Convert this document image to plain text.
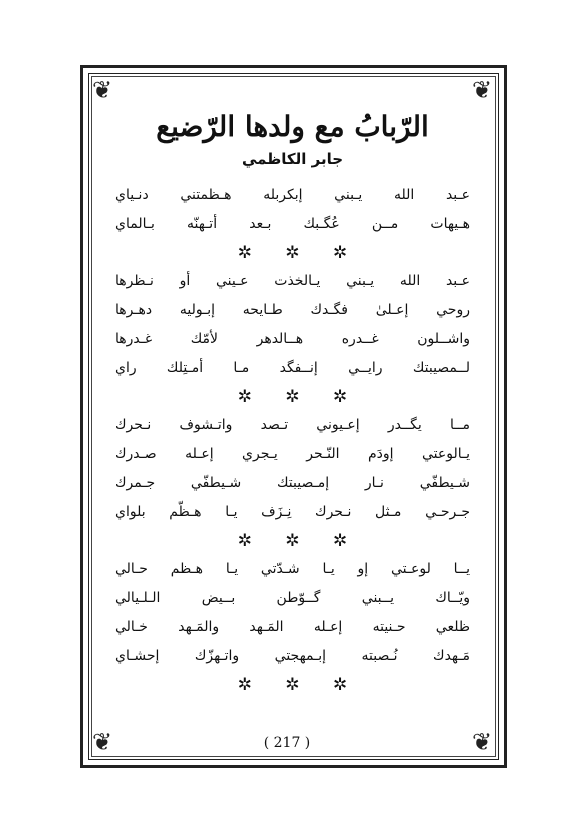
❦	❦
❦	❦
الرّبابُ مع ولدها الرّضيع
جابر الكاظمي
عـبد الله يـبني إبكربله هـظمتني دنـياي
هـيهات مــن عُگـبك بـعد أتـهنّه بـالماي
✲ ✲ ✲
عـبد الله يـبني يـالخذت عـيني أو نـظرها
روحي إعـلىٰ فگـدك طـايحه إبـوليه دهـرها
واشــلون غــدره هــالدهر لأمّك غـدرها
لــمصيبتك رايــي إنــفگد مـا أمـتِلك راي
✲ ✲ ✲
مــا يگــدر إعـيوني تـصد واتـشوف نـحرك
يـالوعتي إودَم النّـحر يـجري إعـله صـدرك
شـيطفّي نـار إمـصيبتك شـيطفّي جـمرك
جـرحـي مـثل نـحرك نِـزَف يـا هـظّم بلواي
✲ ✲ ✲
يــا لوعـتي إو يـا شـدّتي يـا هـظم حـالي
ويّــاك يــبني گــوّطن بــيض الـلـيالي
ظلعي حـنيته إعـله المَـهد والمَـهد خـالي
مَـهدك نُـصبته إبـمهجتي واتـهزّك إحشـاي
✲ ✲ ✲
( 217 )
